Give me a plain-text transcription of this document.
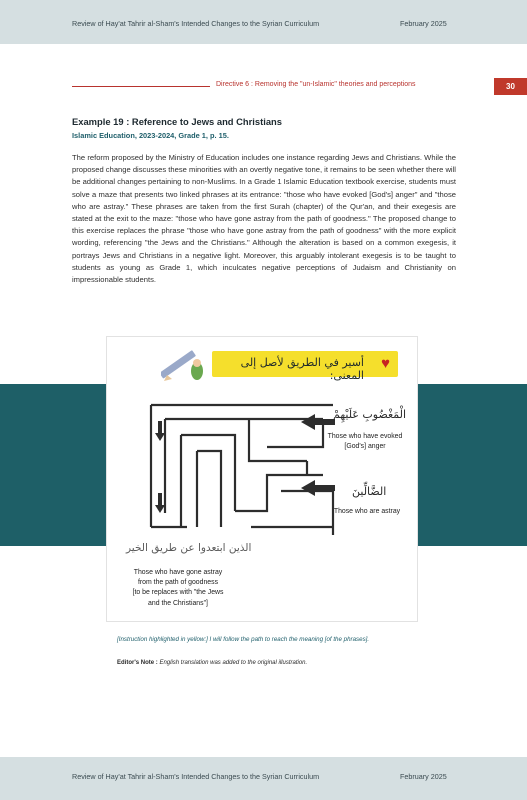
Review of Hay'at Tahrir al-Sham's Intended Changes to the Syrian Curriculum	February 2025
Directive 6 : Removing the "un-Islamic" theories and perceptions	30
Example 19 : Reference to Jews and Christians
Islamic Education, 2023-2024, Grade 1, p. 15.
The reform proposed by the Ministry of Education includes one instance regarding Jews and Christians. While the proposed change discusses these minorities with an overtly negative tone, it remains to be seen whether there will be additional changes pertaining to non-Muslims. In a Grade 1 Islamic Education textbook exercise, students must solve a maze that presents two linked phrases at its entrance: "those who have evoked [God's] anger" and "those who are astray." These phrases are taken from the first Surah (chapter) of the Qur'an, and their exegesis are stated at the exit to the maze: "those who have gone astray from the path of goodness." The proposed change to this exercise replaces the phrase "those who have gone astray from the path of goodness" with the more explicit wording, referencing "the Jews and the Christians." Although the alteration is based on a common exegesis, it portrays Jews and Christians in a negative light. Moreover, this arguably intolerant exegesis is to be taught to students as young as Grade 1, which inculcates negative perceptions of Judaism and Christianity on impressionable students.
♥
أسير في الطريق لأصل إلى المعنى:
الْمَغْضُوبِ عَلَيْهِمْ
Those who have evoked [God's] anger
الضَّالِّينَ
Those who are astray
الذين ابتعدوا عن طريق الخير
Those who have gone astray
from the path of goodness
[to be replaces with "the Jews
and the Christians"]
[Instruction highlighted in yellow:] I will follow the path to reach the meaning [of the phrases].
Editor's Note : English translation was added to the original illustration.
Review of Hay'at Tahrir al-Sham's Intended Changes to the Syrian Curriculum	February 2025
